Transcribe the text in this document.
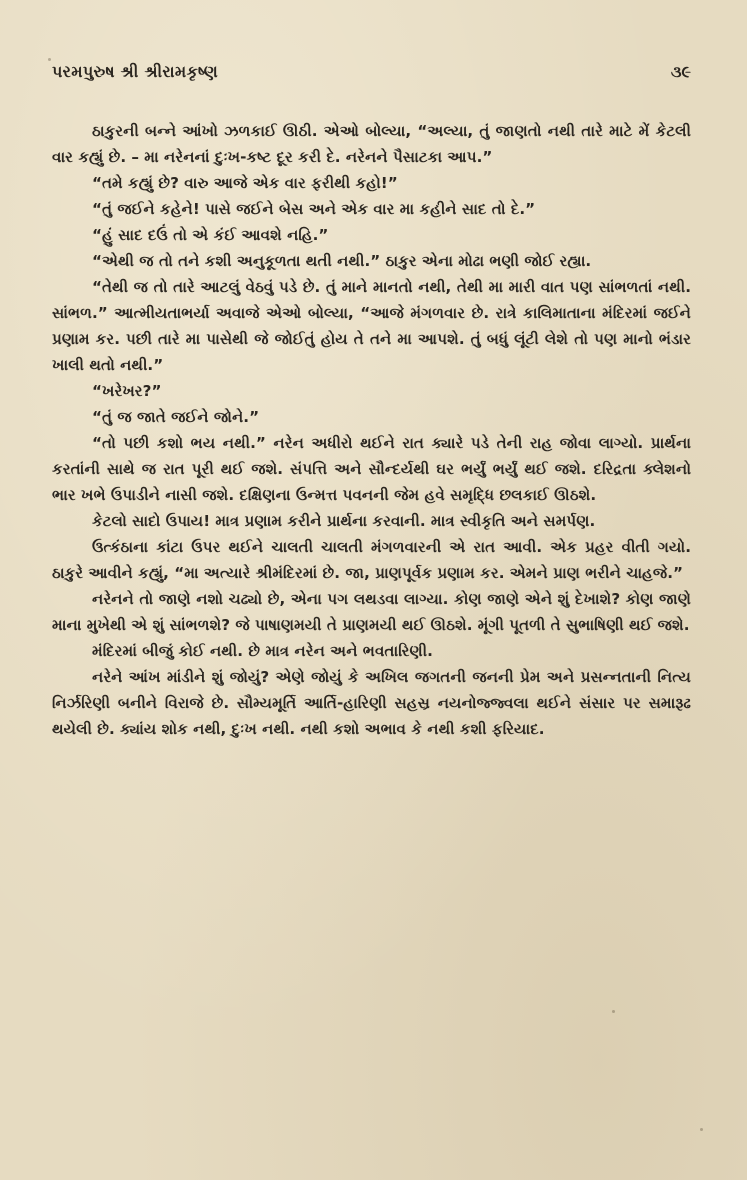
પરમપુરુષ શ્રી શ્રીરામકૃષ્ણ	૩૯

ઠાકુરની બન્ને આંખો ઝળકાઈ ઊઠી. એઓ બોલ્યા, “અલ્યા, તું જાણતો નથી તારે માટે મેં કેટલી વાર કહ્યું છે. – મા નરેનનાં દુઃખ-કષ્ટ દૂર કરી દે. નરેનને પૈસાટકા આપ.”

“તમે કહ્યું છે? વારુ આજે એક વાર ફરીથી કહો!”

“તું જઈને કહેને! પાસે જઈને બેસ અને એક વાર મા કહીને સાદ તો દે.”

“હું સાદ દઉં તો એ કંઈ આવશે નહિ.”

“એથી જ તો તને કશી અનુકૂળતા થતી નથી.” ઠાકુર એના મોઢા ભણી જોઈ રહ્યા.

“તેથી જ તો તારે આટલું વેઠવું પડે છે. તું માને માનતો નથી, તેથી મા મારી વાત પણ સાંભળતાં નથી. સાંભળ.” આત્મીયતાભર્યા અવાજે એઓ બોલ્યા, “આજે મંગળવાર છે. રાત્રે કાલિમાતાના મંદિરમાં જઈને પ્રણામ કર. પછી તારે મા પાસેથી જે જોઈતું હોય તે તને મા આપશે. તું બધું લૂંટી લેશે તો પણ માનો ભંડાર ખાલી થતો નથી.”

“ખરેખર?”

“તું જ જાતે જઈને જોને.”

“તો પછી કશો ભય નથી.” નરેન અધીરો થઈને રાત ક્યારે પડે તેની રાહ જોવા લાગ્યો. પ્રાર્થના કરતાંની સાથે જ રાત પૂરી થઈ જશે. સંપત્તિ અને સૌન્દર્યથી ઘર ભર્યું ભર્યું થઈ જશે. દરિદ્રતા ક્લેશનો ભાર ખભે ઉપાડીને નાસી જશે. દક્ષિણના ઉન્મત્ત પવનની જેમ હવે સમૃદ્ધિ છલકાઈ ઊઠશે.

કેટલો સાદો ઉપાય! માત્ર પ્રણામ કરીને પ્રાર્થના કરવાની. માત્ર સ્વીકૃતિ અને સમર્પણ.

ઉત્કંઠાના કાંટા ઉપર થઈને ચાલતી ચાલતી મંગળવારની એ રાત આવી. એક પ્રહર વીતી ગયો. ઠાકુરે આવીને કહ્યું, “મા અત્યારે શ્રીમંદિરમાં છે. જા, પ્રાણપૂર્વક પ્રણામ કર. એમને પ્રાણ ભરીને ચાહજે.”

નરેનને તો જાણે નશો ચઢ્યો છે, એના પગ લથડવા લાગ્યા. કોણ જાણે એને શું દેખાશે? કોણ જાણે માના મુખેથી એ શું સાંભળશે? જે પાષાણમયી તે પ્રાણમયી થઈ ઊઠશે. મૂંગી પૂતળી તે સુભાષિણી થઈ જશે.

મંદિરમાં બીજું કોઈ નથી. છે માત્ર નરેન અને ભવતારિણી.

નરેને આંખ માંડીને શું જોયું? એણે જોયું કે અખિલ જગતની જનની પ્રેમ અને પ્રસન્નતાની નિત્ય નિર્ઝરિણી બનીને વિરાજે છે. સૌમ્યમૂર્તિ આર્તિ-હારિણી સહસ્ર નયનોજ્જ્વલા થઈને સંસાર પર સમારૂઢ થયેલી છે. ક્યાંય શોક નથી, દુઃખ નથી. નથી કશો અભાવ કે નથી કશી ફરિયાદ.
